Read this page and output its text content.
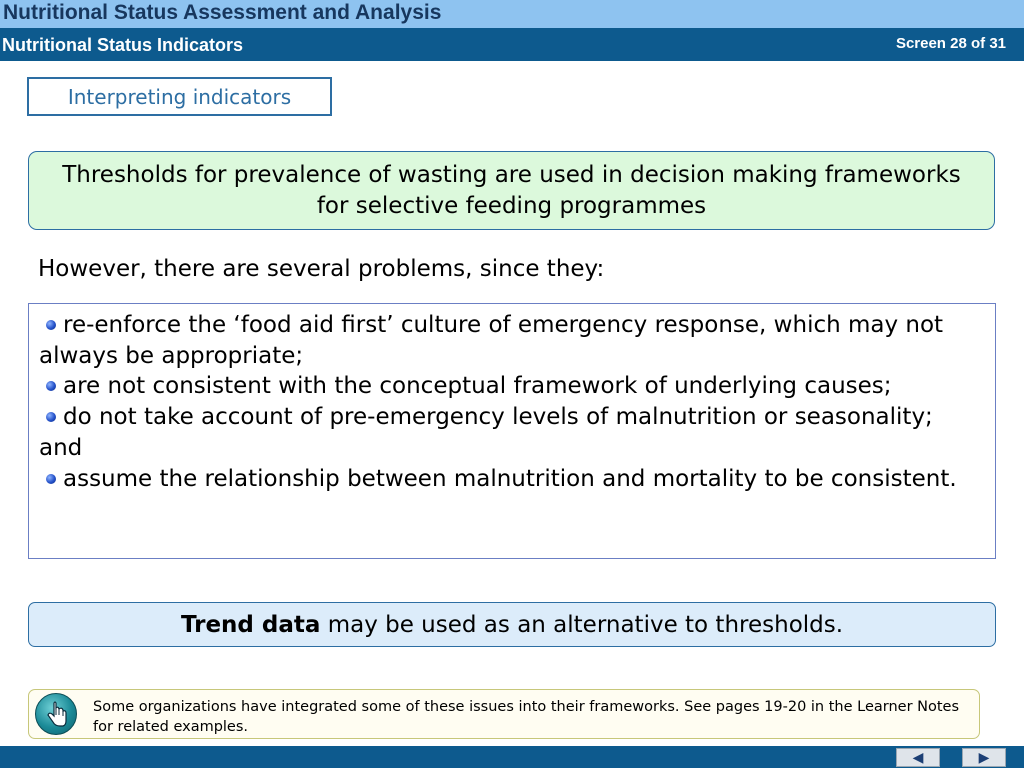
Nutritional Status Assessment and Analysis
Nutritional Status Indicators	Screen 28 of 31
Interpreting indicators
Thresholds for prevalence of wasting are used in decision making frameworks for selective feeding programmes
However, there are several problems, since they:

re-enforce the ‘food aid first’ culture of emergency response, which may not always be appropriate;

are not consistent with the conceptual framework of underlying causes;

do not take account of pre-emergency levels of malnutrition or seasonality; and

assume the relationship between malnutrition and mortality to be consistent.

Trend data
may be used as an alternative to thresholds.
Some organizations have integrated some of these issues into their frameworks. See pages 19-20 in the Learner Notes for related examples.
◀	▶
